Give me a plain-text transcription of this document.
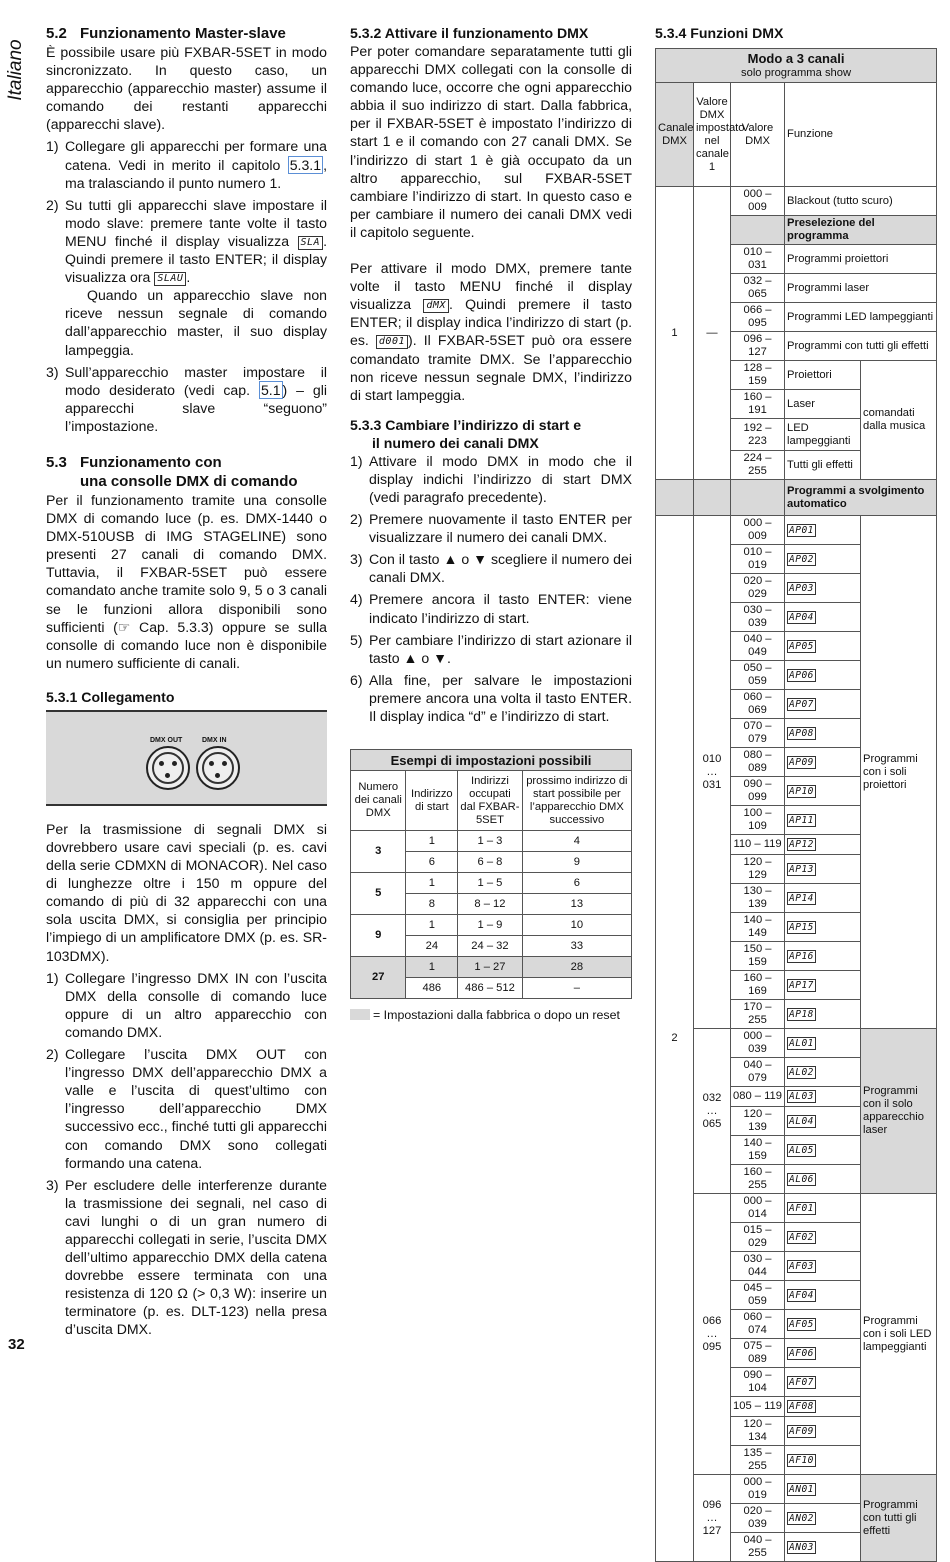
Italiano
32
5.2 Funzionamento Master-slave

È possibile usare più FXBAR-5SET in modo sincronizzato. In questo caso, un apparecchio (apparecchio master) assume il comando dei restanti apparecchi (apparecchi slave).

1) Collegare gli apparecchi per formare una catena. Vedi in merito il capitolo 5.3.1 , ma tralasciando il punto numero 1.
2) Su tutti gli apparecchi slave impostare il modo slave: premere tante volte il tasto MENU finché il display visualizza SLA . Quindi premere il tasto ENTER; il display visualizza ora SLAU .

Quando un apparecchio slave non riceve nessun segnale di comando dall’apparecchio master, il suo display lampeggia.

3) Sull’apparecchio master impostare il modo desiderato (vedi cap. 5.1 ) – gli apparecchi slave “seguono” l’impostazione.
5.3 Funzionamento con
una consolle DMX di comando

Per il funzionamento tramite una consolle DMX di comando luce (p. es. DMX-1440 o DMX-510USB di IMG STAGELINE) sono presenti 27 canali di comando DMX. Tuttavia, il FXBAR-5SET può essere comandato anche tramite solo 9, 5 o 3 canali se le funzioni allora disponibili sono sufficienti (☞ Cap. 5.3.3) oppure se sulla consolle di comando luce non è disponibile un numero sufficiente di canali.

5.3.1 Collegamento
DMX OUT	DMX IN

Per la trasmissione di segnali DMX si dovrebbero usare cavi speciali (p. es. cavi della serie CDMXN di MONACOR). Nel caso di lunghezze oltre i 150 m oppure del comando di più di 32 apparecchi con una sola uscita DMX, si consiglia per principio l’impiego di un amplificatore DMX (p. es. SR-103DMX).

1) Collegare l’ingresso DMX IN con l’uscita DMX della consolle di comando luce oppure di un altro apparecchio con comando DMX.
2) Collegare l’uscita DMX OUT con l’ingresso DMX dell’apparecchio DMX a valle e l’uscita di quest’ultimo con l’ingresso dell’apparecchio DMX successivo ecc., finché tutti gli apparecchi con comando DMX sono collegati formando una catena.
3) Per escludere delle interferenze durante la trasmissione dei segnali, nel caso di cavi lunghi o di un gran numero di apparecchi collegati in serie, l’uscita DMX dell’ultimo apparecchio DMX della catena dovrebbe essere terminata con una resistenza di 120 Ω (> 0,3 W): inserire un terminatore (p. es. DLT-123) nella presa d’uscita DMX.
5.3.2 Attivare il funzionamento DMX

Per poter comandare separatamente tutti gli apparecchi DMX collegati con la consolle di comando luce, occorre che ogni apparecchio abbia il suo indirizzo di start. Dalla fabbrica, per il FXBAR-5SET è impostato l’indirizzo di start 1 e il comando con 27 canali DMX. Se l’indirizzo di start 1 è già occupato da un altro apparecchio, sul FXBAR-5SET cambiare l’indirizzo di start. In questo caso e per cambiare il numero dei canali DMX vedi il capitolo seguente.

Per attivare il modo DMX, premere tante volte il tasto MENU finché il display visualizza dMX . Quindi premere il tasto ENTER; il display indica l’indirizzo di start (p. es. d001 ). Il FXBAR-5SET può ora essere comandato tramite DMX. Se l’apparecchio non riceve nessun segnale DMX, l’indirizzo di start lampeggia.

5.3.3 Cambiare l’indirizzo di start e
il numero dei canali DMX
1) Attivare il modo DMX in modo che il display indichi l’indirizzo di start DMX (vedi paragrafo precedente).
2) Premere nuovamente il tasto ENTER per visualizzare il numero dei canali DMX.
3) Con il tasto ▲ o ▼ scegliere il numero dei canali DMX.
4) Premere ancora il tasto ENTER: viene indicato l’indirizzo di start.
5) Per cambiare l’indirizzo di start azionare il tasto ▲ o ▼.
6) Alla fine, per salvare le impostazioni premere ancora una volta il tasto ENTER. Il display indica “d” e l’indirizzo di start.
Esempi di impostazioni possibili			
Numero dei canali DMX	Indirizzo di start	Indirizzi occupati dal FXBAR-5SET	prossimo indirizzo di start possibile per l’apparecchio DMX successivo
3	1	1 – 3	4
	6	6 – 8	9
5	1	1 – 5	6
	8	8 – 12	13
9	1	1 – 9	10
	24	24 – 32	33
27	1	1 – 27	28
	486	486 – 512	–
= Impostazioni dalla fabbrica o dopo un reset
5.3.4 Funzioni DMX
Modo a 3 canali
solo programma show				

Canale DMX	Valore DMX impostato nel canale 1	Valore DMX	Funzione	
1	—	000 – 009	Blackout (tutto scuro)	
			Preselezione del programma	
		010 – 031	Programmi proiettori	
		032 – 065	Programmi laser	
		066 – 095	Programmi LED lampeggianti	
		096 – 127	Programmi con tutti gli effetti	
		128 – 159	Proiettori	comandati dalla musica
		160 – 191	Laser	
		192 – 223	LED lampeggianti	
		224 – 255	Tutti gli effetti	
			Programmi a svolgimento automatico	
2	010 … 031	000 – 009	AP01	Programmi con i soli proiettori
		010 – 019	AP02	
		020 – 029	AP03	
		030 – 039	AP04	
		040 – 049	AP05	
		050 – 059	AP06	
		060 – 069	AP07	
		070 – 079	AP08	
		080 – 089	AP09	
		090 – 099	AP10	
		100 – 109	AP11	
		110 – 119	AP12	
		120 – 129	AP13	
		130 – 139	AP14	
		140 – 149	AP15	
		150 – 159	AP16	
		160 – 169	AP17	
		170 – 255	AP18	
	032 … 065	000 – 039	AL01	Programmi con il solo apparecchio laser
		040 – 079	AL02	
		080 – 119	AL03	
		120 – 139	AL04	
		140 – 159	AL05	
		160 – 255	AL06	
	066 … 095	000 – 014	AF01	Programmi con i soli LED lampeggianti
		015 – 029	AF02	
		030 – 044	AF03	
		045 – 059	AF04	
		060 – 074	AF05	
		075 – 089	AF06	
		090 – 104	AF07	
		105 – 119	AF08	
		120 – 134	AF09	
		135 – 255	AF10	
	096 … 127	000 – 019	AN01	Programmi con tutti gli effetti
		020 – 039	AN02	
		040 – 255	AN03	
